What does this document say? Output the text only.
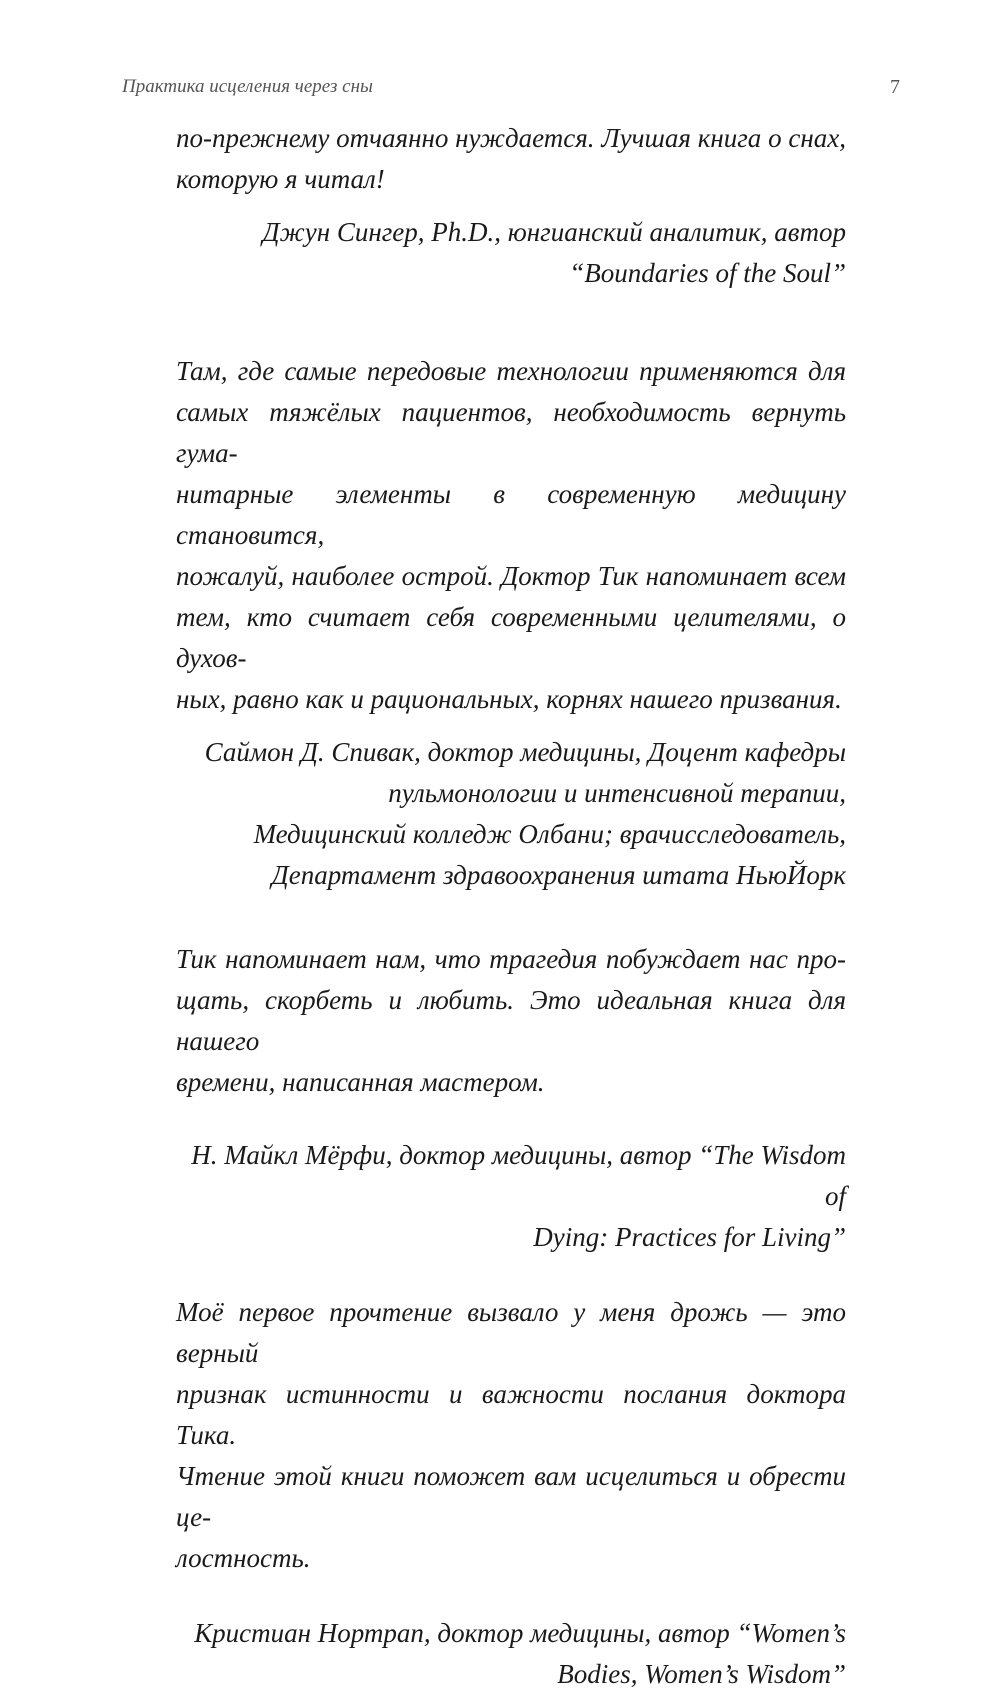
Практика исцеления через сны	7
по-прежнему отчаянно нуждается. Лучшая книга о снах,
которую я читал!
Джун Сингер, Ph.D., юнгианский аналитик, автор
“Boundaries of the Soul”
Там, где самые передовые технологии применяются для
самых тяжёлых пациентов, необходимость вернуть гума-
нитарные элементы в современную медицину становится,
пожалуй, наиболее острой. Доктор Тик напоминает всем
тем, кто считает себя современными целителями, о духов-
ных, равно как и рациональных, корнях нашего призвания.
Саймон Д. Спивак, доктор медицины, Доцент кафедры
пульмонологии и интенсивной терапии,
Медицинский колледж Олбани; врачисследователь,
Департамент здравоохранения штата НьюЙорк
Тик напоминает нам, что трагедия побуждает нас про-
щать, скорбеть и любить. Это идеальная книга для нашего
времени, написанная мастером.
Н. Майкл Мёрфи, доктор медицины, автор “The Wisdom of
Dying: Practices for Living”
Моё первое прочтение вызвало у меня дрожь — это верный
признак истинности и важности послания доктора Тика.
Чтение этой книги поможет вам исцелиться и обрести це-
лостность.
Кристиан Нортрап, доктор медицины, автор “Women’s
Bodies, Women’s Wisdom”
